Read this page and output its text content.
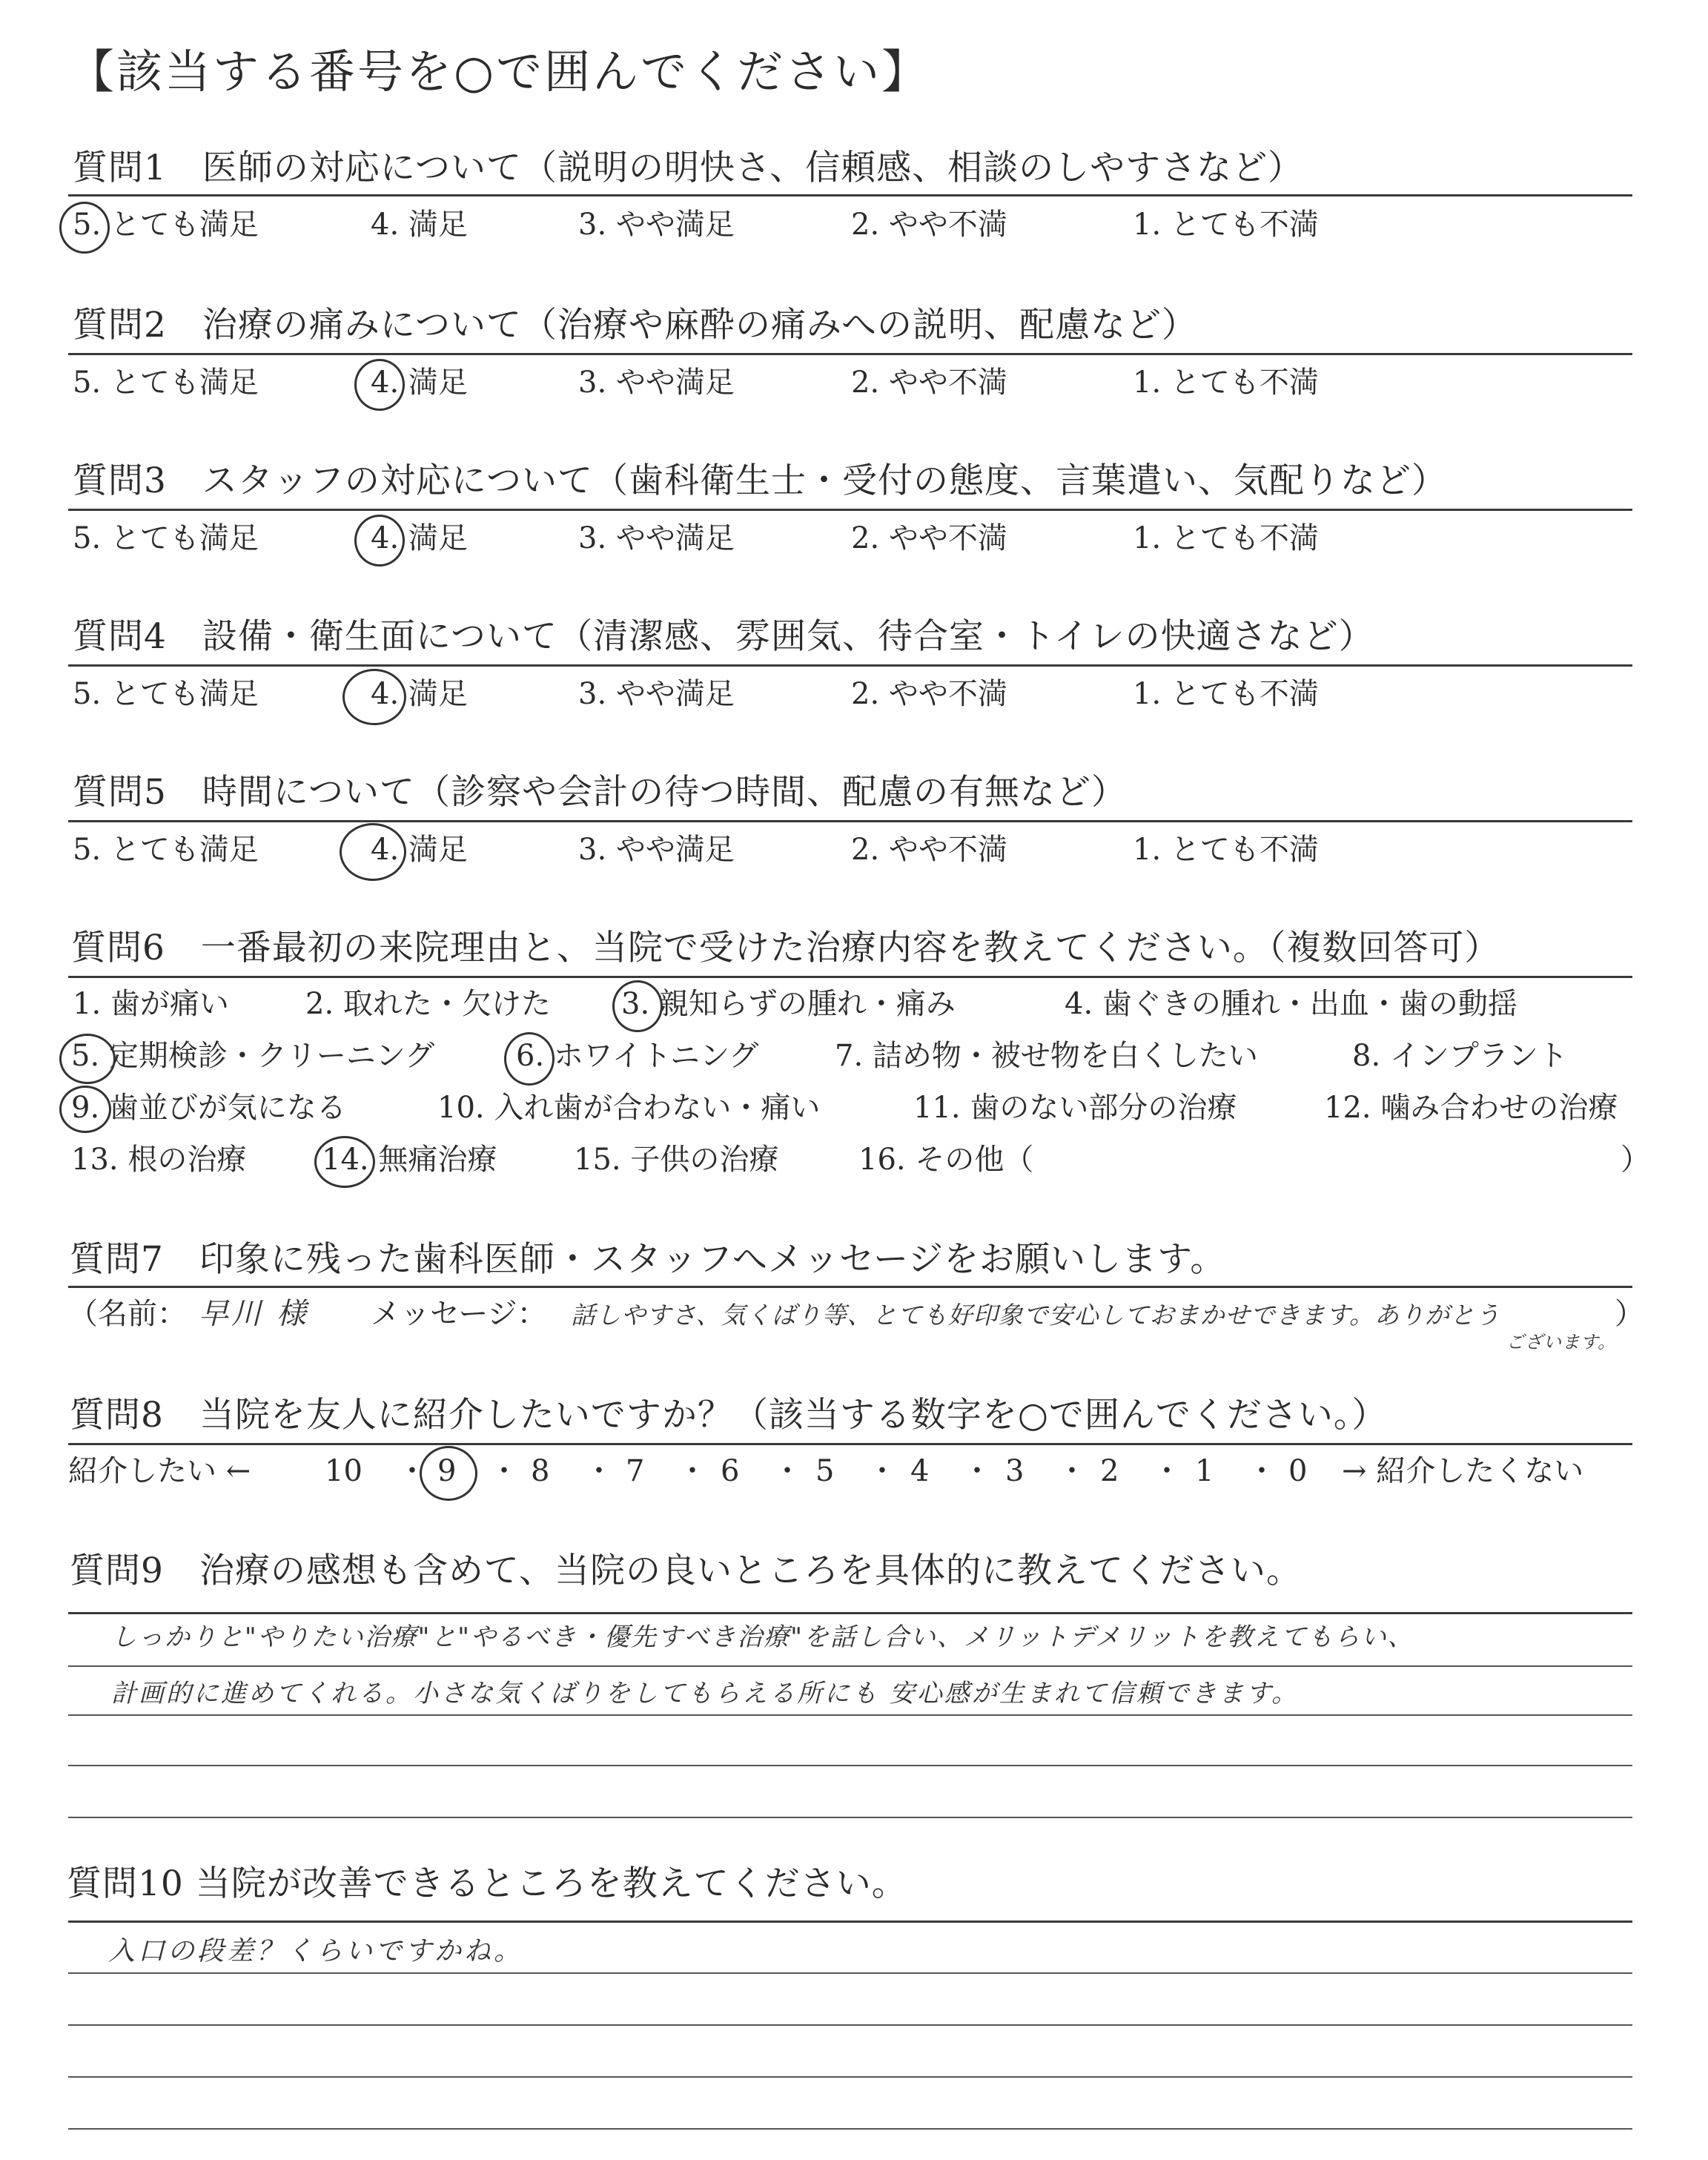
【該当する番号を○で囲んでください】
質問1　医師の対応について（説明の明快さ、信頼感、相談のしやすさなど）
5. とても満足	4. 満足	3. やや満足	2. やや不満	1. とても不満
質問2　治療の痛みについて（治療や麻酔の痛みへの説明、配慮など）
5. とても満足	4. 満足	3. やや満足	2. やや不満	1. とても不満
質問3　スタッフの対応について（歯科衛生士・受付の態度、言葉遣い、気配りなど）
5. とても満足	4. 満足	3. やや満足	2. やや不満	1. とても不満
質問4　設備・衛生面について（清潔感、雰囲気、待合室・トイレの快適さなど）
5. とても満足	4. 満足	3. やや満足	2. やや不満	1. とても不満
質問5　時間について（診察や会計の待つ時間、配慮の有無など）
5. とても満足	4. 満足	3. やや満足	2. やや不満	1. とても不満
質問6　一番最初の来院理由と、当院で受けた治療内容を教えてください。（複数回答可）
1. 歯が痛い	2. 取れた・欠けた 3. 親知らずの腫れ・痛み	4. 歯ぐきの腫れ・出血・歯の動揺
5. 定期検診・クリーニング	6. ホワイトニング	7. 詰め物・被せ物を白くしたい	8. インプラント
9. 歯並びが気になる	10. 入れ歯が合わない・痛い	11. 歯のない部分の治療	12. 噛み合わせの治療
13. 根の治療	14. 無痛治療	15. 子供の治療	16. その他（	）
質問7　印象に残った歯科医師・スタッフへメッセージをお願いします。
（名前： 早川 様 メッセージ： 話しやすさ、気くばり等、とても好印象で安心しておまかせできます。ありがとう	）
ございます。
質問8　当院を友人に紹介したいですか？（該当する数字を○で囲んでください。）
紹介したい ← 10 ・ 9 ・ 8 ・ 7 ・ 6 ・ 5 ・ 4 ・ 3 ・ 2 ・ 1 ・ 0 → 紹介したくない
質問9　治療の感想も含めて、当院の良いところを具体的に教えてください。
しっかりと"やりたい治療"と"やるべき・優先すべき治療"を話し合い、メリットデメリットを教えてもらい、
計画的に進めてくれる。小さな気くばりをしてもらえる所にも 安心感が生まれて信頼できます。
質問10 当院が改善できるところを教えてください。
入口の段差？くらいですかね。
